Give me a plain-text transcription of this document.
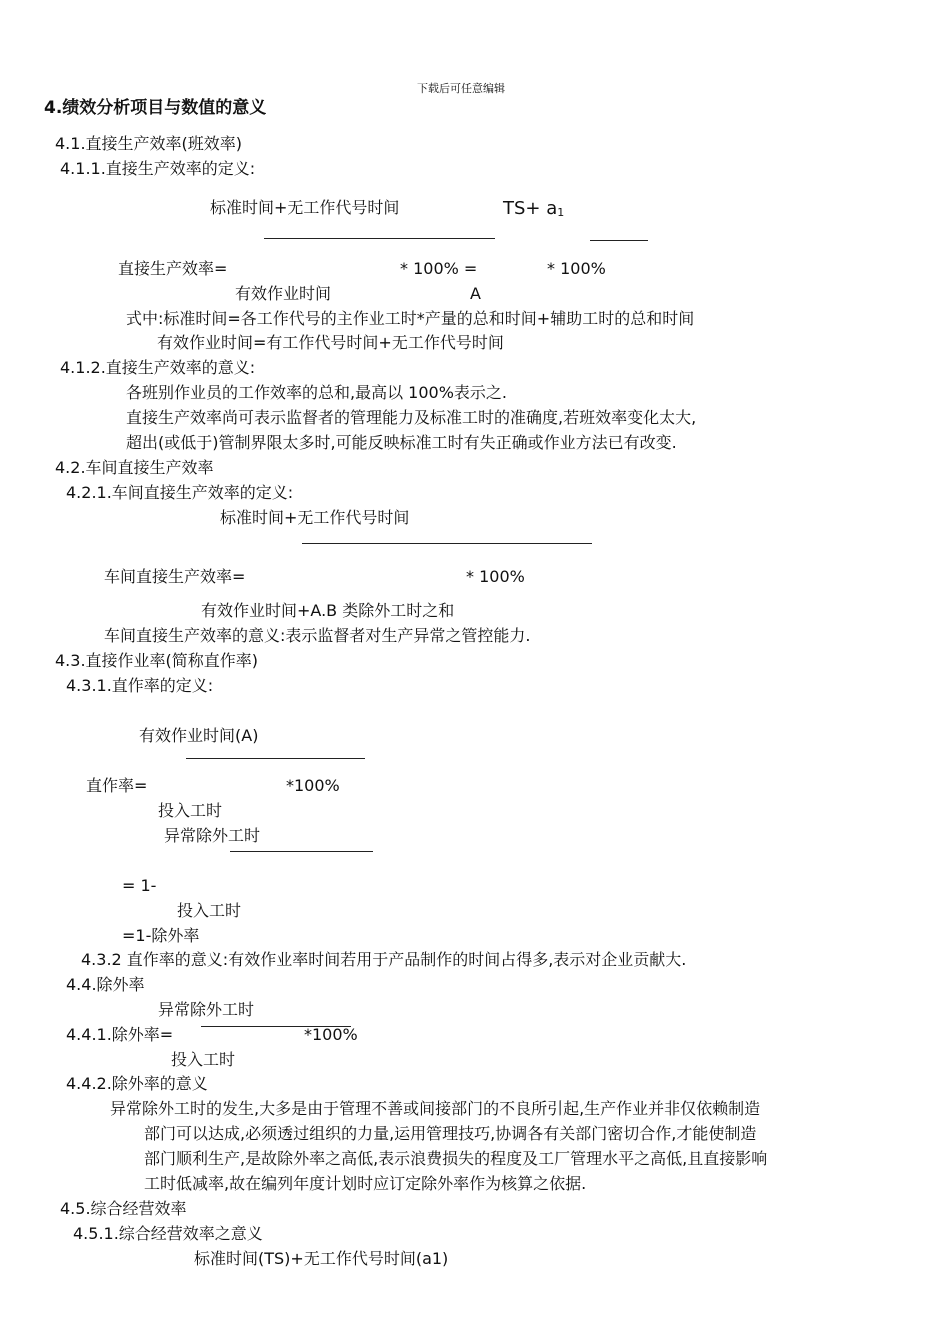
下载后可任意编辑
4.绩效分析项目与数值的意义
4.1.直接生产效率(班效率)
4.1.1.直接生产效率的定义:
标准时间+无工作代号时间	TS+ a1
直接生产效率=	* 100% =	* 100%
有效作业时间	A
式中:标准时间=各工作代号的主作业工时*产量的总和时间+辅助工时的总和时间
有效作业时间=有工作代号时间+无工作代号时间
4.1.2.直接生产效率的意义:
各班别作业员的工作效率的总和,最高以 100%表示之.
直接生产效率尚可表示监督者的管理能力及标准工时的准确度,若班效率变化太大,
超出(或低于)管制界限太多时,可能反映标准工时有失正确或作业方法已有改变.
4.2.车间直接生产效率
4.2.1.车间直接生产效率的定义:
标准时间+无工作代号时间
车间直接生产效率=	* 100%
有效作业时间+A.B 类除外工时之和
车间直接生产效率的意义:表示监督者对生产异常之管控能力.
4.3.直接作业率(简称直作率)
4.3.1.直作率的定义:
有效作业时间(A)
直作率=	*100%
投入工时
异常除外工时
= 1-
投入工时
=1-除外率
4.3.2 直作率的意义:有效作业率时间若用于产品制作的时间占得多,表示对企业贡献大.
4.4.除外率
异常除外工时
4.4.1.除外率=	*100%
投入工时
4.4.2.除外率的意义
异常除外工时的发生,大多是由于管理不善或间接部门的不良所引起,生产作业并非仅依赖制造
部门可以达成,必须透过组织的力量,运用管理技巧,协调各有关部门密切合作,才能使制造
部门顺利生产,是故除外率之高低,表示浪费损失的程度及工厂管理水平之高低,且直接影响
工时低减率,故在编列年度计划时应订定除外率作为核算之依据.
4.5.综合经营效率
4.5.1.综合经营效率之意义
标准时间(TS)+无工作代号时间(a1)
